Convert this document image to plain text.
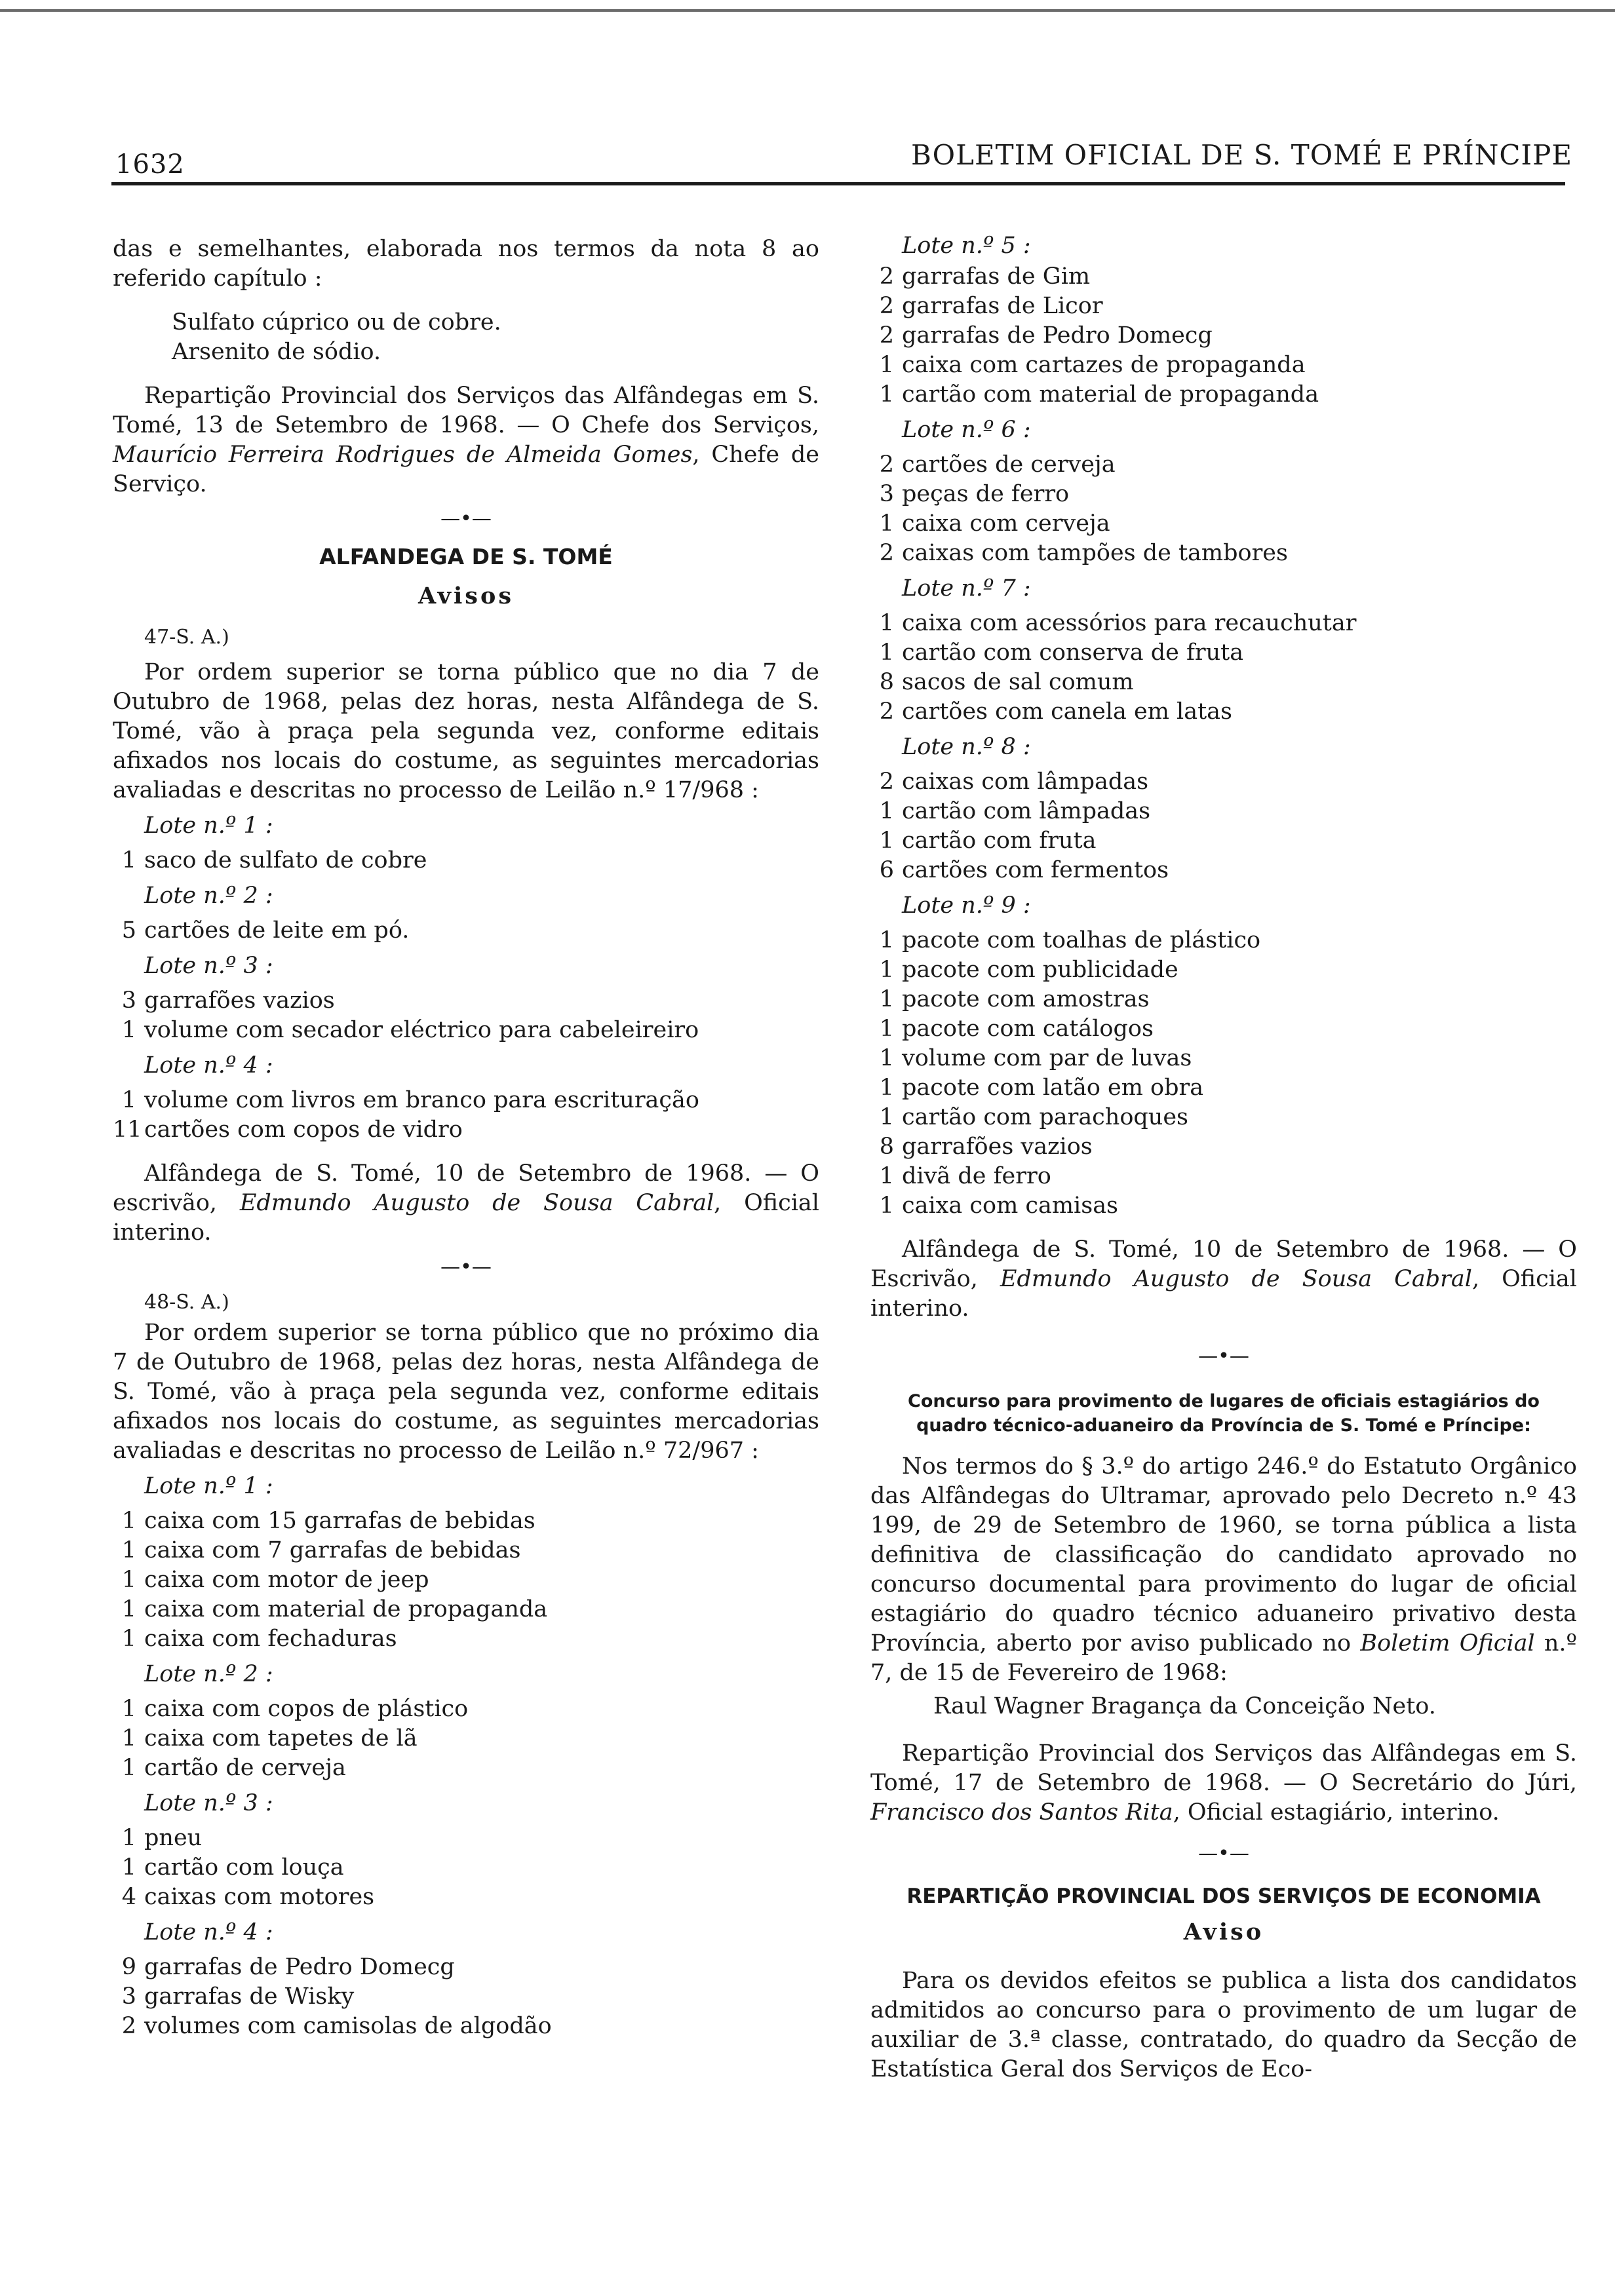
1632	BOLETIM OFICIAL DE S. TOMÉ E PRÍNCIPE

das e semelhantes, elaborada nos termos da nota 8 ao referido capítulo :

Sulfato cúprico ou de cobre.
Arsenito de sódio.

Repartição Provincial dos Serviços das Alfândegas em S. Tomé, 13 de Setembro de 1968. — O Chefe dos Serviços, Maurício Ferreira Rodrigues de Almeida Gomes, Chefe de Serviço.

—•—
ALFANDEGA DE S. TOMÉ
Avisos
47-S. A.)

Por ordem superior se torna público que no dia 7 de Outubro de 1968, pelas dez horas, nesta Alfândega de S. Tomé, vão à praça pela segunda vez, conforme editais afixados nos locais do costume, as seguintes mercadorias avaliadas e descritas no processo de Leilão n.º 17/968 :

Lote n.º 1 :
1 saco de sulfato de cobre
Lote n.º 2 :
5 cartões de leite em pó.
Lote n.º 3 :
3 garrafões vazios
1 volume com secador eléctrico para cabeleireiro
Lote n.º 4 :
1 volume com livros em branco para escrituração
11 cartões com copos de vidro

Alfândega de S. Tomé, 10 de Setembro de 1968. — O escrivão, Edmundo Augusto de Sousa Cabral, Oficial interino.

—•—
48-S. A.)

Por ordem superior se torna público que no próximo dia 7 de Outubro de 1968, pelas dez horas, nesta Alfândega de S. Tomé, vão à praça pela segunda vez, conforme editais afixados nos locais do costume, as seguintes mercadorias avaliadas e descritas no processo de Leilão n.º 72/967 :

Lote n.º 1 :
1 caixa com 15 garrafas de bebidas
1 caixa com 7 garrafas de bebidas
1 caixa com motor de jeep
1 caixa com material de propaganda
1 caixa com fechaduras
Lote n.º 2 :
1 caixa com copos de plástico
1 caixa com tapetes de lã
1 cartão de cerveja
Lote n.º 3 :
1 pneu
1 cartão com louça
4 caixas com motores
Lote n.º 4 :
9 garrafas de Pedro Domecg
3 garrafas de Wisky
2 volumes com camisolas de algodão
Lote n.º 5 :
2 garrafas de Gim
2 garrafas de Licor
2 garrafas de Pedro Domecg
1 caixa com cartazes de propaganda
1 cartão com material de propaganda
Lote n.º 6 :
2 cartões de cerveja
3 peças de ferro
1 caixa com cerveja
2 caixas com tampões de tambores
Lote n.º 7 :
1 caixa com acessórios para recauchutar
1 cartão com conserva de fruta
8 sacos de sal comum
2 cartões com canela em latas
Lote n.º 8 :
2 caixas com lâmpadas
1 cartão com lâmpadas
1 cartão com fruta
6 cartões com fermentos
Lote n.º 9 :
1 pacote com toalhas de plástico
1 pacote com publicidade
1 pacote com amostras
1 pacote com catálogos
1 volume com par de luvas
1 pacote com latão em obra
1 cartão com parachoques
8 garrafões vazios
1 divã de ferro
1 caixa com camisas

Alfândega de S. Tomé, 10 de Setembro de 1968. — O Escrivão, Edmundo Augusto de Sousa Cabral, Oficial interino.

—•—
Concurso para provimento de lugares de oficiais estagiários do quadro técnico-aduaneiro da Província de S. Tomé e Príncipe:

Nos termos do § 3.º do artigo 246.º do Estatuto Orgânico das Alfândegas do Ultramar, aprovado pelo Decreto n.º 43 199, de 29 de Setembro de 1960, se torna pública a lista definitiva de classificação do candidato aprovado no concurso documental para provimento do lugar de oficial estagiário do quadro técnico aduaneiro privativo desta Província, aberto por aviso publicado no Boletim Oficial n.º 7, de 15 de Fevereiro de 1968:

Raul Wagner Bragança da Conceição Neto.

Repartição Provincial dos Serviços das Alfândegas em S. Tomé, 17 de Setembro de 1968. — O Secretário do Júri, Francisco dos Santos Rita, Oficial estagiário, interino.

—•—
REPARTIÇÃO PROVINCIAL DOS SERVIÇOS DE ECONOMIA
Aviso

Para os devidos efeitos se publica a lista dos candidatos admitidos ao concurso para o provimento de um lugar de auxiliar de 3.ª classe, contratado, do quadro da Secção de Estatística Geral dos Serviços de Eco-
